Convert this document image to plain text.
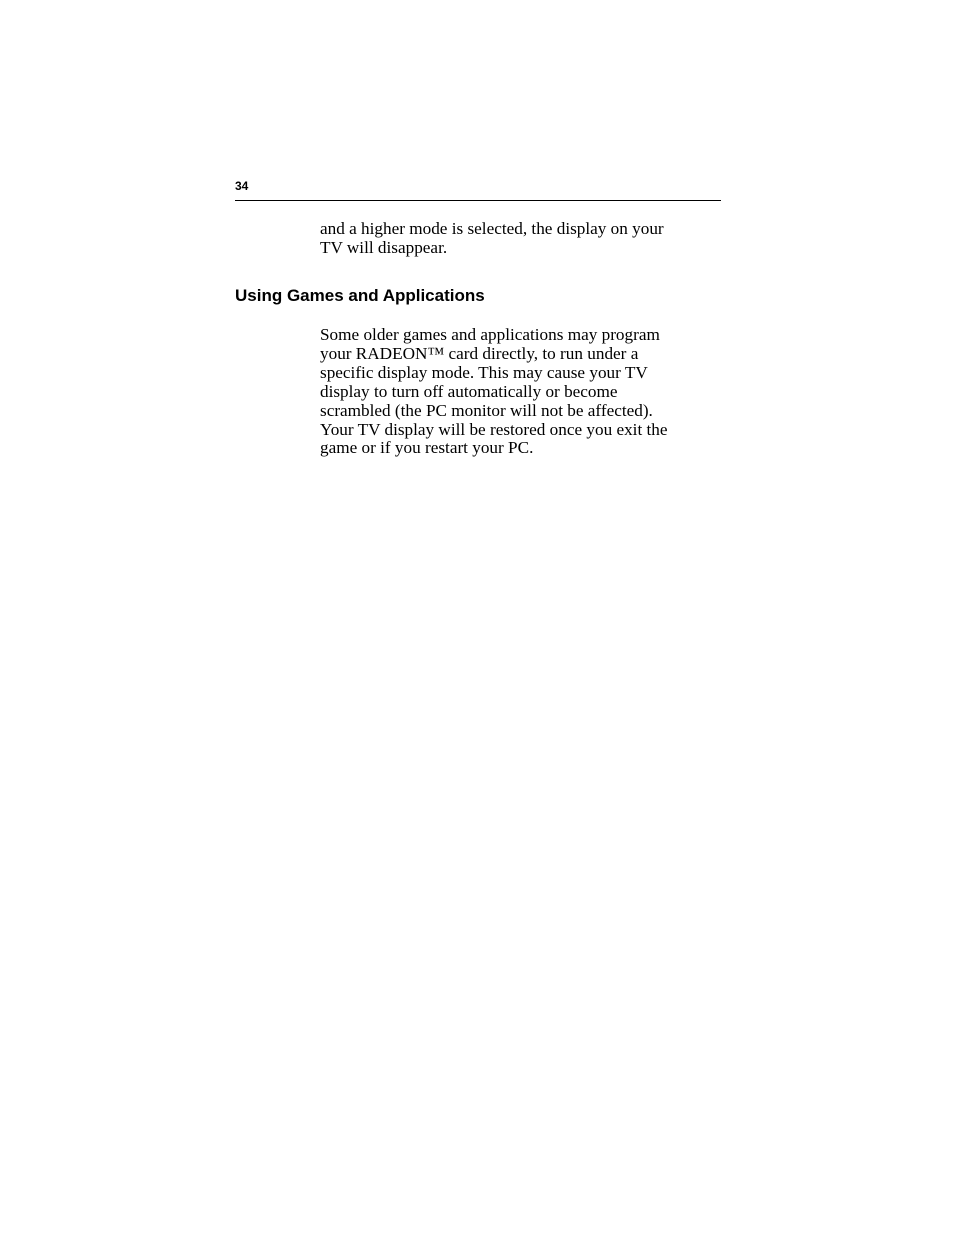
34

and a higher mode is selected, the display on your
TV will disappear.

Using Games and Applications

Some older games and applications may program
your RADEON™ card directly, to run under a
specific display mode. This may cause your TV
display to turn off automatically or become
scrambled (the PC monitor will not be affected).
Your TV display will be restored once you exit the
game or if you restart your PC.
